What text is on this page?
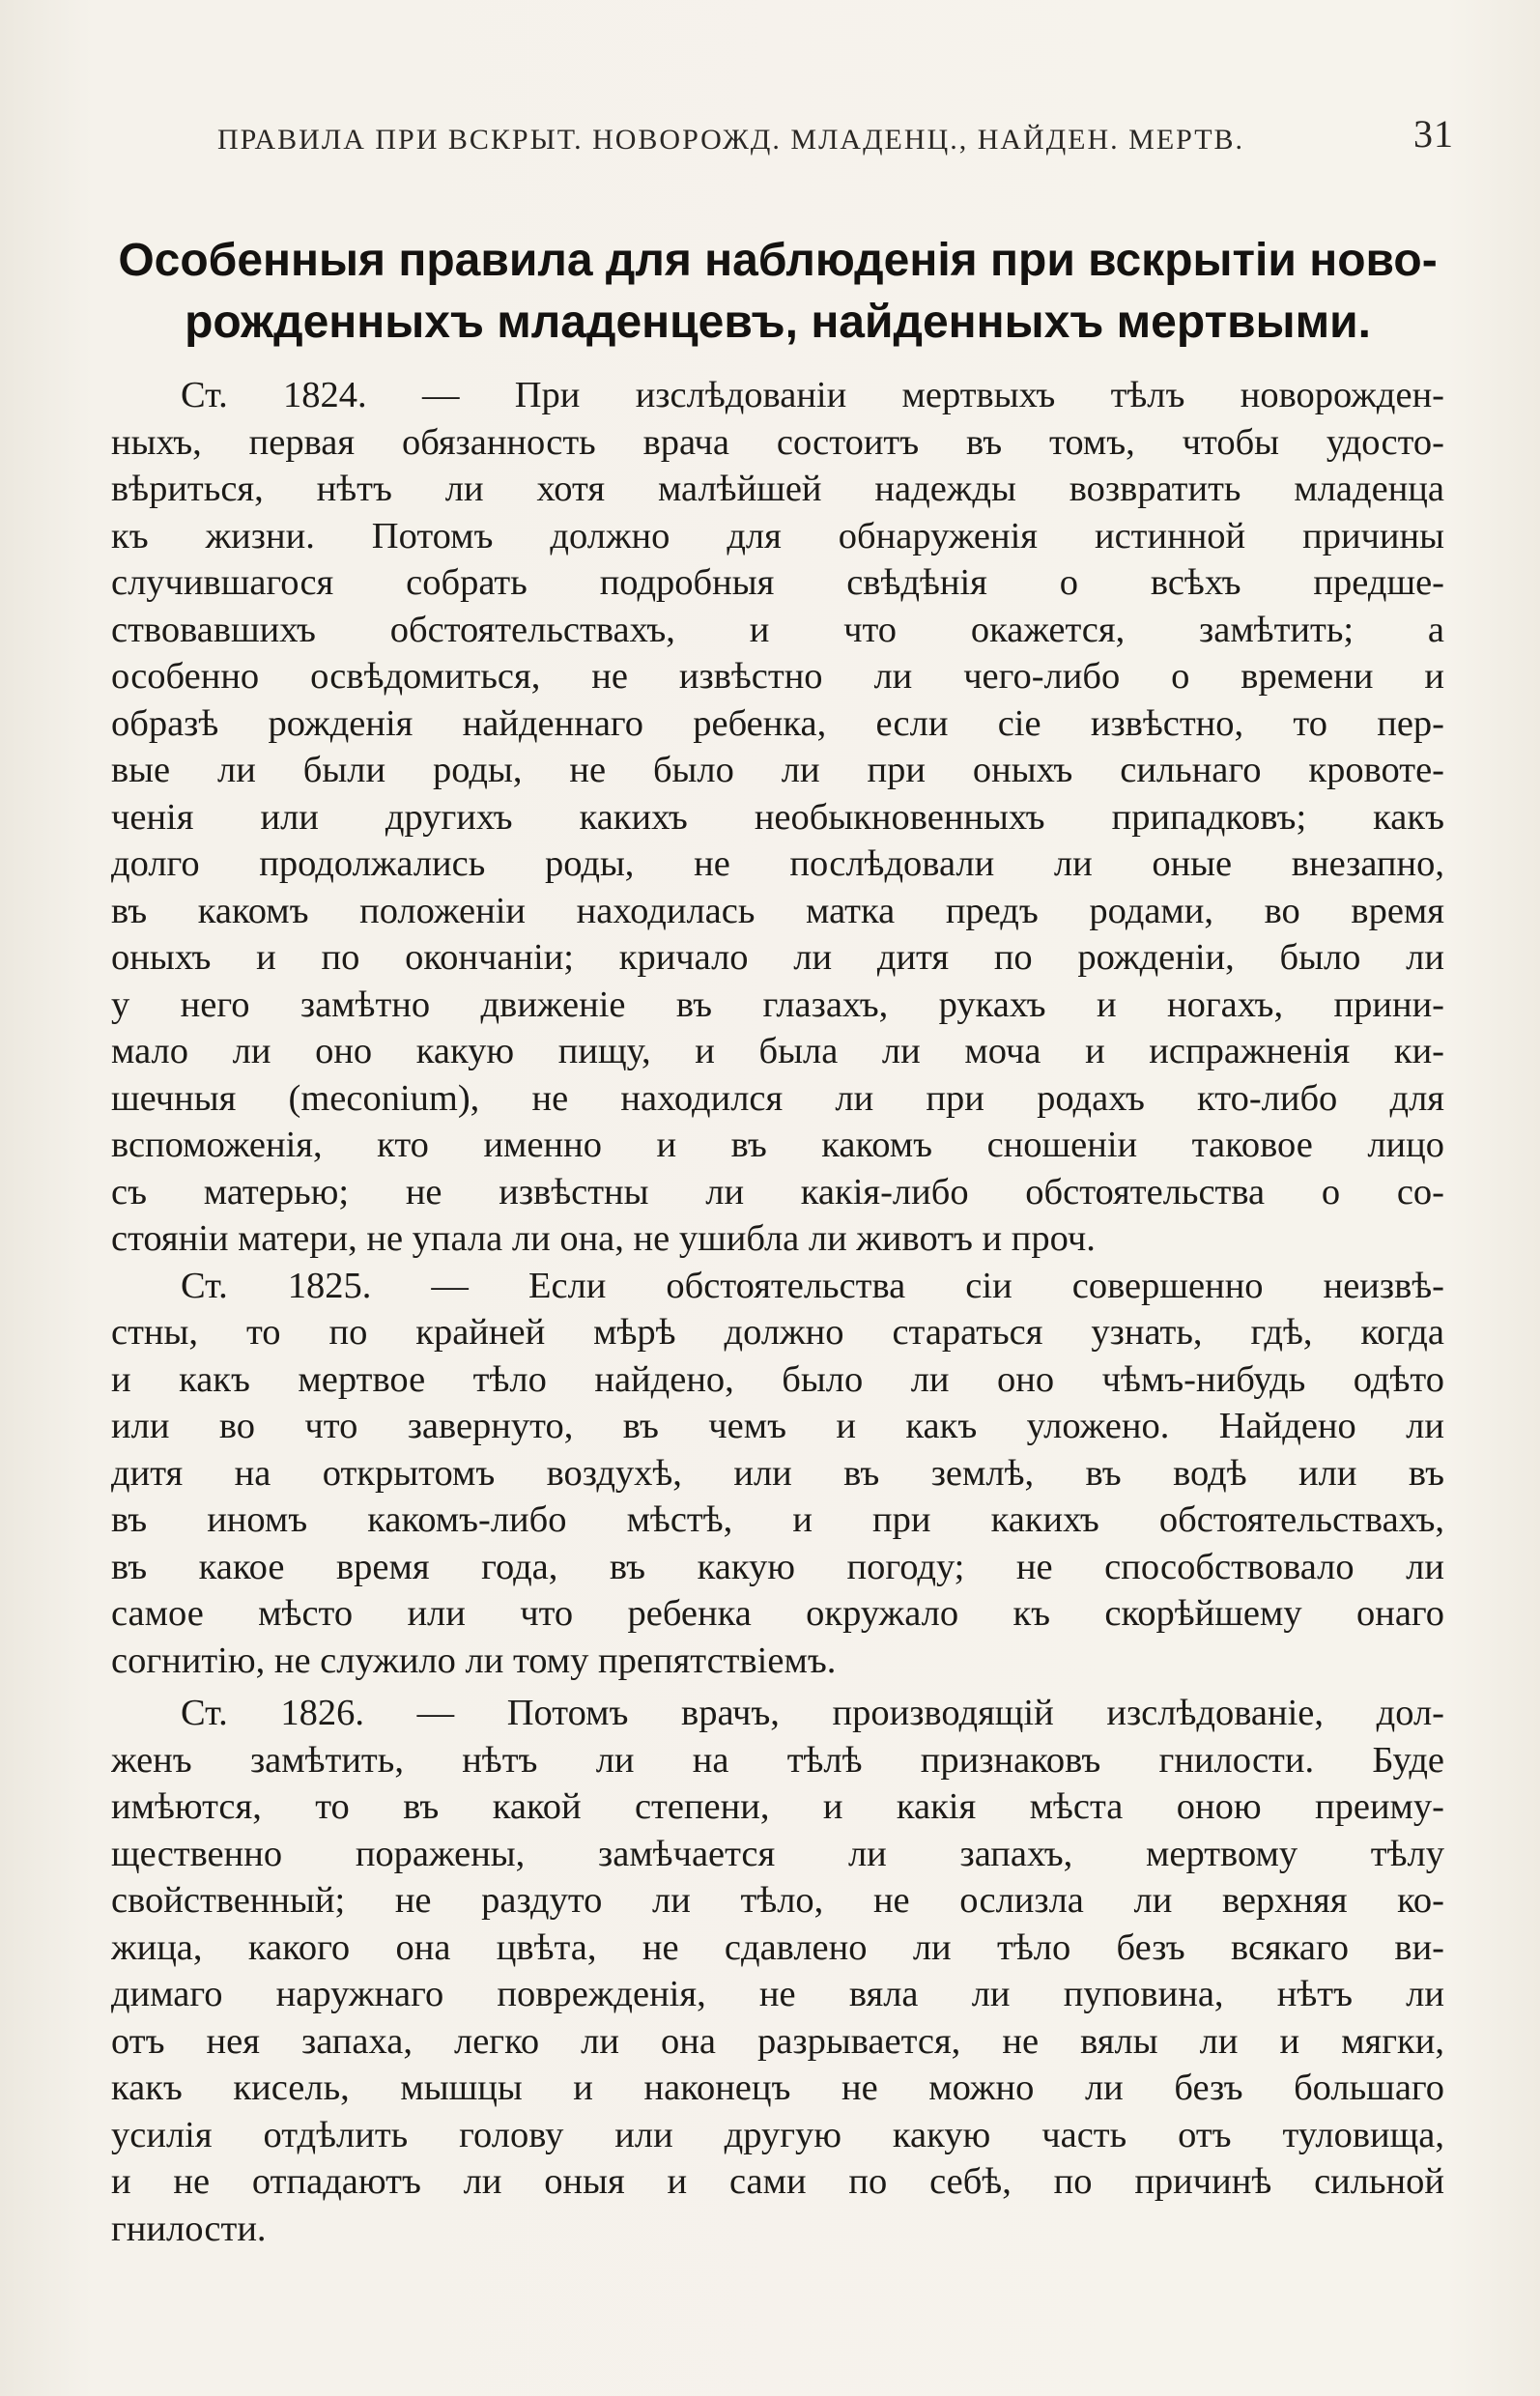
ПРАВИЛА ПРИ ВСКРЫТ. НОВОРОЖД. МЛАДЕНЦ., НАЙДЕН. МЕРТВ.	31
Особенныя правила для наблюденія при вскрытіи ново-
рожденныхъ младенцевъ, найденныхъ мертвыми.
Ст. 1824. — При изслѣдованіи мертвыхъ тѣлъ новорожден-
ныхъ, первая обязанность врача состоитъ въ томъ, чтобы удосто-
вѣриться, нѣтъ ли хотя малѣйшей надежды возвратить младенца
къ жизни. Потомъ должно для обнаруженія истинной причины
случившагося собрать подробныя свѣдѣнія о всѣхъ предше-
ствовавшихъ обстоятельствахъ, и что окажется, замѣтить; а
особенно освѣдомиться, не извѣстно ли чего-либо о времени и
образѣ рожденія найденнаго ребенка, если сіе извѣстно, то пер-
вые ли были роды, не было ли при оныхъ сильнаго кровоте-
ченія или другихъ какихъ необыкновенныхъ припадковъ; какъ
долго продолжались роды, не послѣдовали ли оные внезапно,
въ какомъ положеніи находилась матка предъ родами, во время
оныхъ и по окончаніи; кричало ли дитя по рожденіи, было ли
у него замѣтно движеніе въ глазахъ, рукахъ и ногахъ, прини-
мало ли оно какую пищу, и была ли моча и испражненія ки-
шечныя (meconium), не находился ли при родахъ кто-либо для
вспоможенія, кто именно и въ какомъ сношеніи таковое лицо
съ матерью; не извѣстны ли какія-либо обстоятельства о со-
стояніи матери, не упала ли она, не ушибла ли животъ и проч.
Ст. 1825. — Если обстоятельства сіи совершенно неизвѣ-
стны, то по крайней мѣрѣ должно стараться узнать, гдѣ, когда
и какъ мертвое тѣло найдено, было ли оно чѣмъ-нибудь одѣто
или во что завернуто, въ чемъ и какъ уложено. Найдено ли
дитя на открытомъ воздухѣ, или въ землѣ, въ водѣ или въ
въ иномъ какомъ-либо мѣстѣ, и при какихъ обстоятельствахъ,
въ какое время года, въ какую погоду; не способствовало ли
самое мѣсто или что ребенка окружало къ скорѣйшему онаго
согнитію, не служило ли тому препятствіемъ.
Ст. 1826. — Потомъ врачъ, производящій изслѣдованіе, дол-
женъ замѣтить, нѣтъ ли на тѣлѣ признаковъ гнилости. Буде
имѣются, то въ какой степени, и какія мѣста оною преиму-
щественно поражены, замѣчается ли запахъ, мертвому тѣлу
свойственный; не раздуто ли тѣло, не ослизла ли верхняя ко-
жица, какого она цвѣта, не сдавлено ли тѣло безъ всякаго ви-
димаго наружнаго поврежденія, не вяла ли пуповина, нѣтъ ли
отъ нея запаха, легко ли она разрывается, не вялы ли и мягки,
какъ кисель, мышцы и наконецъ не можно ли безъ большаго
усилія отдѣлить голову или другую какую часть отъ туловища,
и не отпадаютъ ли оныя и сами по себѣ, по причинѣ сильной
гнилости.
